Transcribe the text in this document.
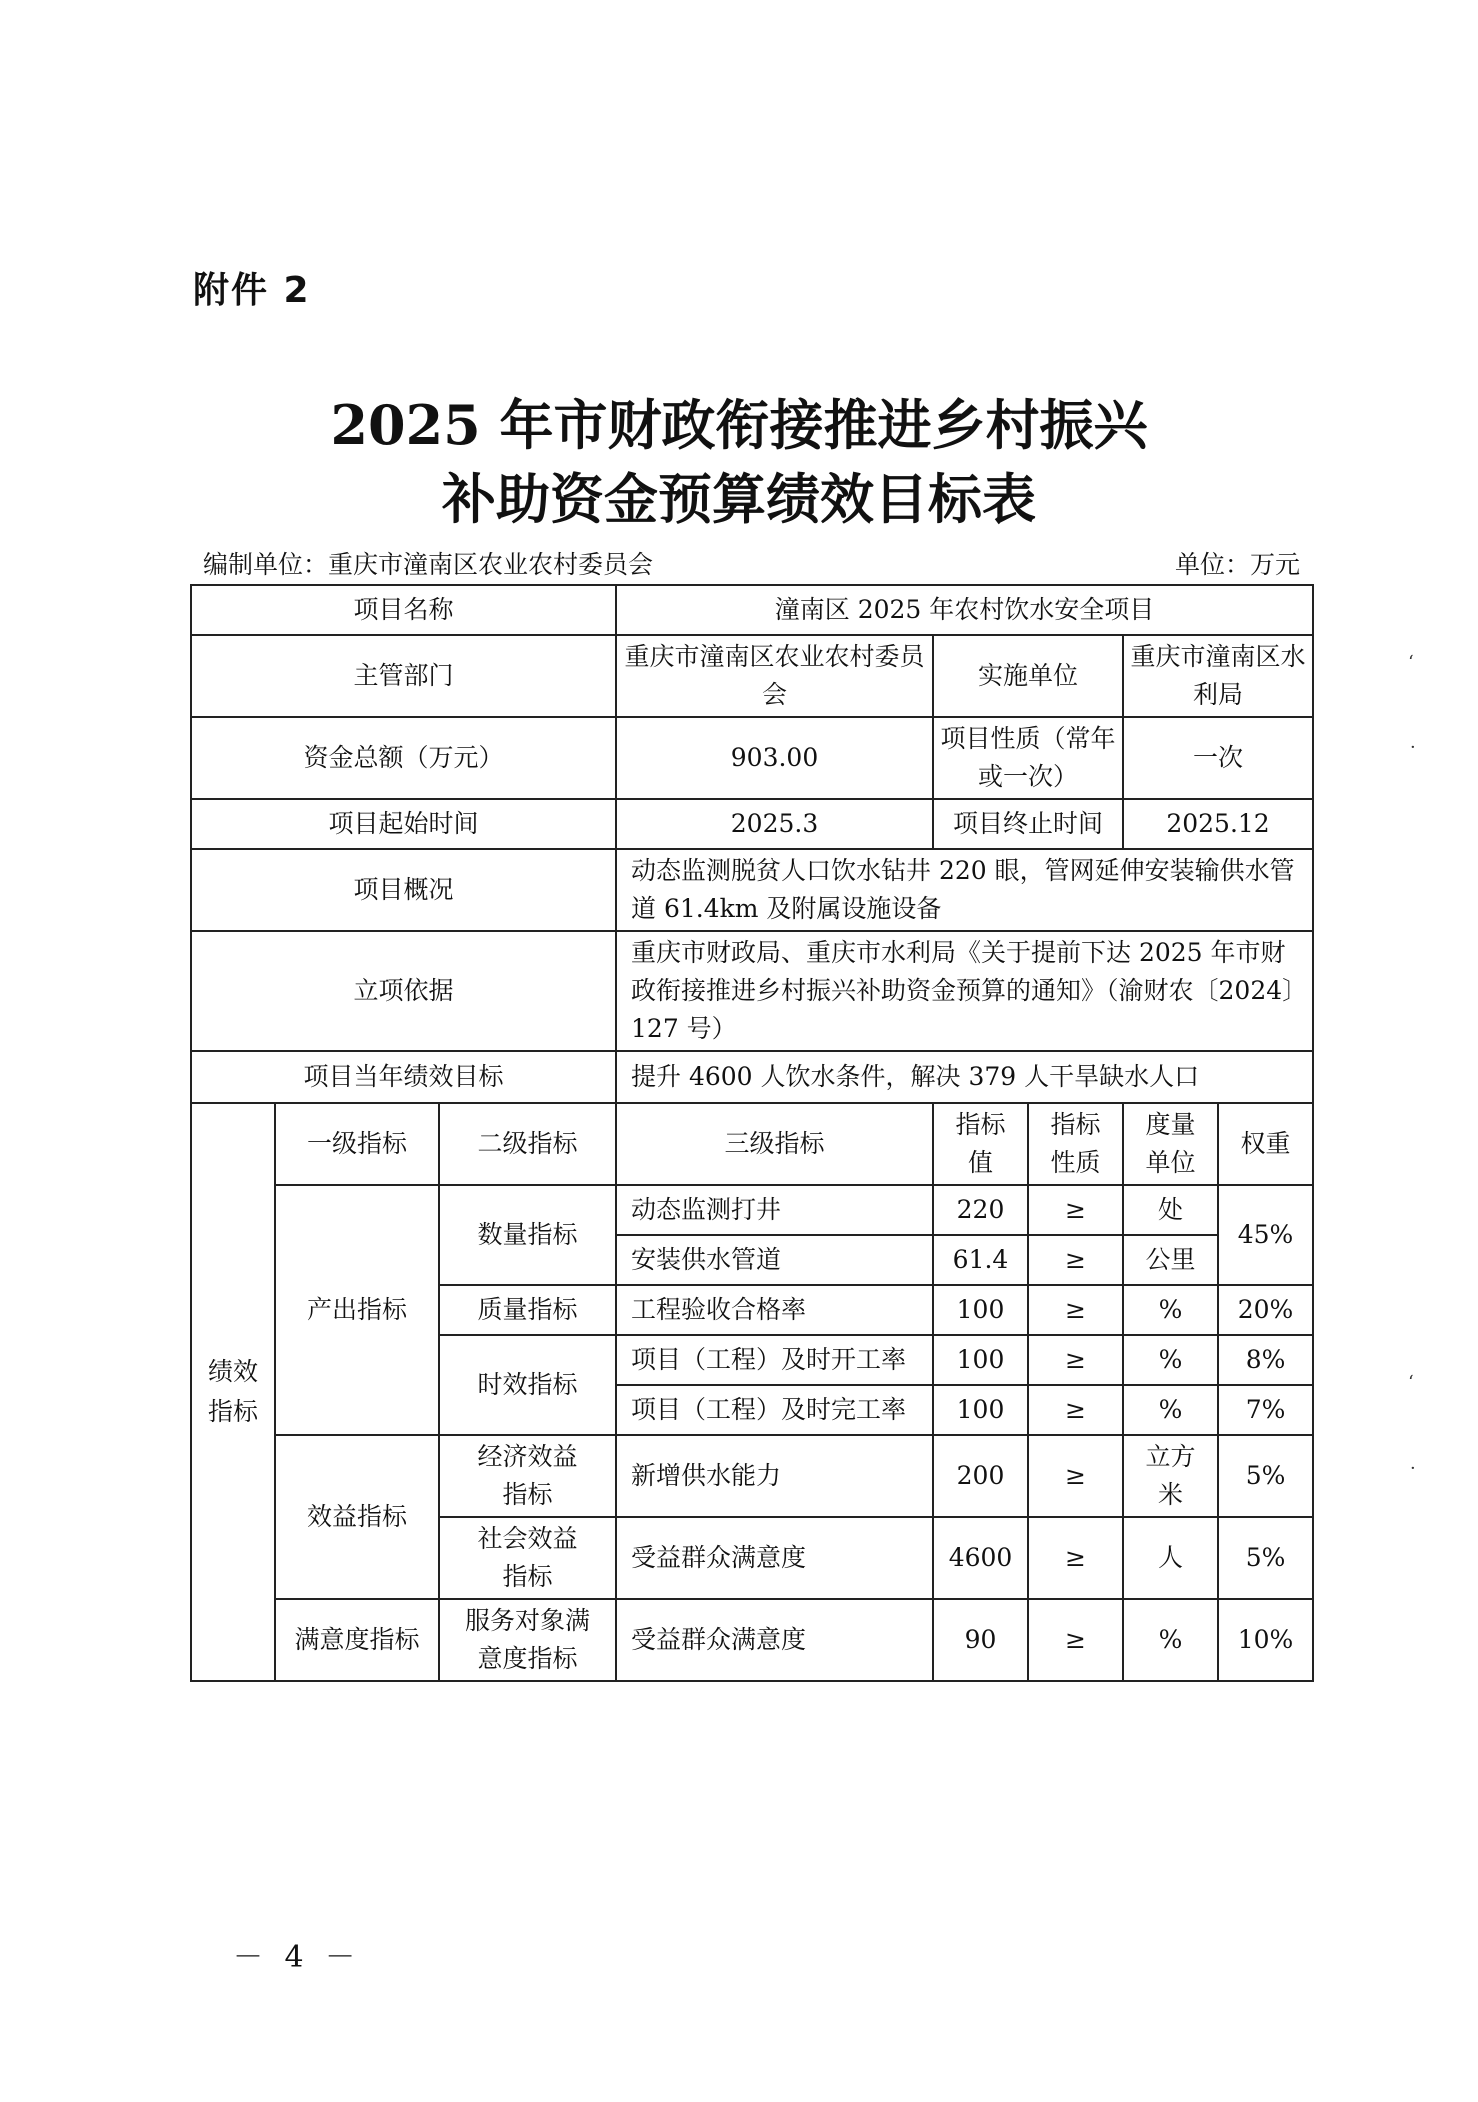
附件 2
2025 年市财政衔接推进乡村振兴
补助资金预算绩效目标表
编制单位：重庆市潼南区农业农村委员会	单位：万元
项目名称			潼南区 2025 年农村饮水安全项目				
主管部门			重庆市潼南区农业农村委员会	实施单位		重庆市潼南区水利局	
资金总额（万元）			903.00	项目性质（常年或一次）		一次	
项目起始时间			2025.3	项目终止时间		2025.12	
项目概况			动态监测脱贫人口饮水钻井 220 眼，管网延伸安装输供水管道 61.4km 及附属设施设备				
立项依据			重庆市财政局、重庆市水利局《关于提前下达 2025 年市财政衔接推进乡村振兴补助资金预算的通知》（渝财农〔2024〕127 号）				
项目当年绩效目标			提升 4600 人饮水条件，解决 379 人干旱缺水人口				

绩效指标	一级指标	二级指标	三级指标	指标值	指标性质	度量单位	权重
	产出指标	数量指标	动态监测打井	220	≥	处	45%
			安装供水管道	61.4	≥	公里	
		质量指标	工程验收合格率	100	≥	%	20%
		时效指标	项目（工程）及时开工率	100	≥	%	8%
			项目（工程）及时完工率	100	≥	%	7%
	效益指标	经济效益指标	新增供水能力	200	≥	立方米	5%

		社会效益指标	受益群众满意度	4600	≥	人	5%
	满意度指标	服务对象满意度指标	受益群众满意度	90	≥	%	10%
－ 4 －
ʻ
·
ʻ
·
